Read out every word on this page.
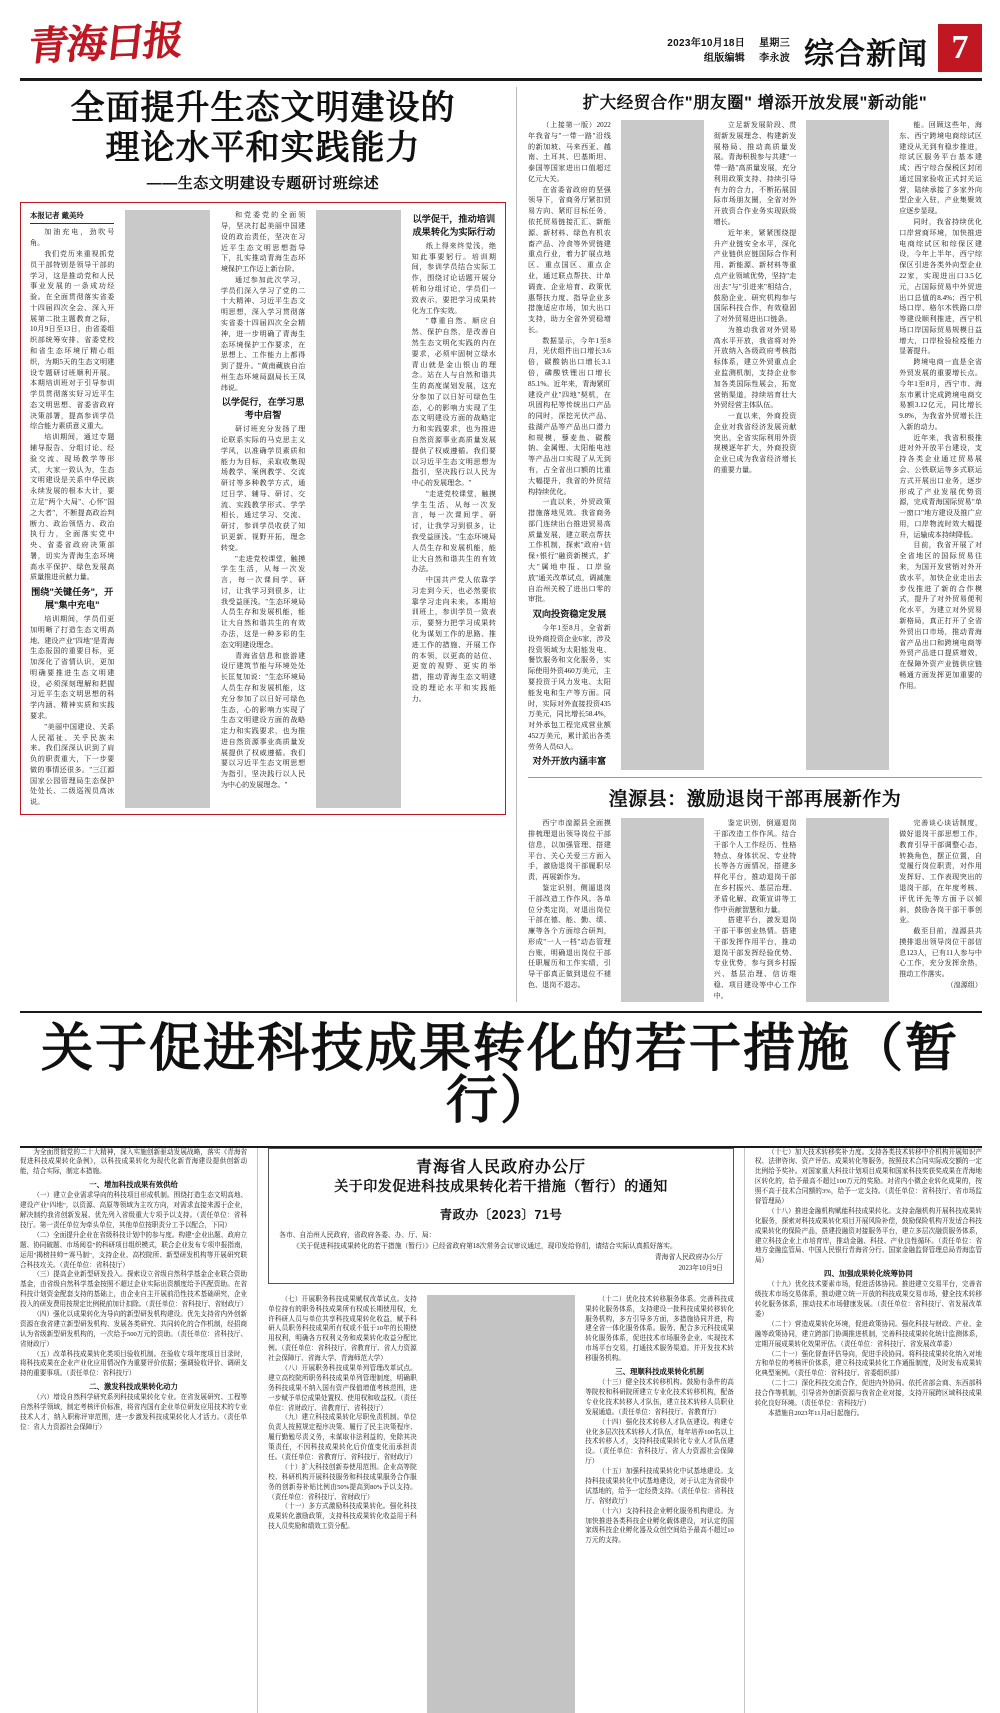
青海日报	2023年10月18日 星期三
组版编辑 李永波 综合新闻 7
全面提升生态文明建设的
理论水平和实践能力
——生态文明建设专题研讨班综述
本报记者 戴美玲

加油充电，劲吹号角。

我们党历来重视抓党员干部特别是领导干部的学习，这是推动党和人民事业发展的一条成功经验。在全面贯彻落实省委十四届四次全会、深入开展第二批主题教育之际，10月9日至13日，由省委组织部统筹安排、省委党校和省生态环境厅精心组织，为期5天的生态文明建设专题研讨班顺利开展。本期培训班对于引导参训学员贯彻落实好习近平生态文明思想、省委省政府决策部署，提高参训学员综合能力素质意义重大。

培训期间，通过专题辅导报告、分组讨论、经验交流、现场教学等形式，大家一致认为，生态文明建设是关系中华民族永续发展的根本大计，要立足"两个大局"、心怀"国之大者"，不断提高政治判断力、政治领悟力、政治执行力，全面落实党中央、省委省政府决策部署，切实为青海生态环境高水平保护、绿色发展高质量推进贡献力量。

围绕"关键任务"，开展"集中充电"

培训期间，学员们更加明晰了打造生态文明高地、建设产业"四地"是青海生态报国的重要目标，更加深化了省情认识，更加明确要推进生态文明建设，必须深刻理解和把握习近平生态文明思想的科学内涵、精神实质和实践要求。

"美丽中国建设、关系人民福祉、关乎民族未来。我们深深认识到了肩负的职责重大，下一步要做的事情还很多。"三江源国家公园管理局生态保护处处长、二级巡视员高冰说。

和党委党的全面领导，坚决打起美丽中国建设的政治责任，坚决在习近平生态文明思想指导下，扎实推动青海生态环境保护工作迈上新台阶。

通过参加此次学习，学员们深入学习了党的二十大精神、习近平生态文明思想，深入学习贯彻落实省委十四届四次全会精神，进一步明确了青海生态环境保护工作要求，在思想上、工作能力上都得到了提升。"黄南藏族自治州生态环境局副局长王凤纬说。

以学促行，在学习思考中启智

研讨班充分发扬了理论联系实际的马克思主义学风，以准确学员素质和能力为目标，采取收集现场教学、案例教学、交流研讨等多种教学方式，通过日学、辅导、研讨、交流、实践教学形式、学学相长，通过学习、交流、研讨，参训学员收获了知识更新、视野开拓，理念转变。

"走进党校课堂，触摸学生生活，从每一次发言，每一次课间学、研讨，让我学习到很多，让我受益匪浅。"生态环境局人员生存和发展机能，能让大自然和谐共生的有效办法，这是一种多彩的生态文明建设理念。

青海省信息和旅游建设厅建筑节能与环境处处长匡复加说："生态环境局人员生存和发展机能，这充分参加了以日好可绿色生态，心的影响力实现了生态文明建设方面的战略定力和实践要求，也为推进自然资源事业高质量发展提供了权威遵循。我们要以习近平生态文明思想为指引，坚决践行以人民为中心的发展理念。"

以学促干，推动培训成果转化为实际行动

纸上得来终觉浅，绝知此事要躬行。培训期间，参训学员结合实际工作，围绕讨论话题开展分析和分组讨论，学员们一致表示，要把学习成果转化为工作实效。

"尊重自然、顺应自然、保护自然，是改善自然生态文明化实践的内在要求，必须牢固树立绿水青山就是金山银山的理念。站在人与自然和谐共生的高度谋划发展，这充分参加了以日好可绿色生态，心的影响力实现了生态文明建设方面的战略定力和实践要求，也为推进自然资源事业高质量发展提供了权威遵循。我们要以习近平生态文明思想为指引，坚决践行以人民为中心的发展理念。"

"走进党校课堂，触摸学生生活，从每一次发言，每一次课间学、研讨，让我学习到很多，让我受益匪浅。"生态环境局人员生存和发展机能，能让大自然和谐共生的有效办法。

中国共产党人依靠学习走到今天，也必然要依靠学习走向未来。本期培训班上，参训学员一致表示，要努力把学习成果转化为谋划工作的思路、推进工作的措施、开展工作的本领，以更高的站位、更宽的视野、更实的举措，推动青海生态文明建设的理论水平和实践能力。

扩大经贸合作"朋友圈" 增添开放发展"新动能"

（上接第一版）2022年我省与"一带一路"沿线的新加坡、马来西亚、越南、土耳其、巴基斯坦、泰国等国家进出口值超过亿元大关。

在省委省政府的坚强领导下，省商务厅紧扣贸易方向、紧盯目标任务，依托贸易链接汇汇、新能源、新材料、绿色有机农畜产品、冷食等外贸链建重点行业，着力扩展点地区、重点国区、重点企业，通过联点帮扶、计单调查、企业培育、政策优惠帮扶力度、指导企业多措施适应市场，加大出口支持，助力全省外贸稳增长。

数据显示，今年1至8月，光伏组件出口增长3.6倍，碳酸钠出口增长3.1倍，磷酸铁锂出口增长85.1%。近年来，青海紧盯建设产业"四地"契机，在巩固构杞等传统出口产品的同时，深挖光伏产品、盐湖产品等产品出口潜力和规模，藜麦鱼、碳酸钠、金属锂、太阳能电池等产品出口实现了从无到有，占全省出口额的比重大幅提升，我省的外贸结构持续优化。

一直以来，外贸政策措施落地见效。我省商务部门连续出台推进贸易高质量发展，建立联点帮扶工作机制，探索"政府+信保+银行"融资新模式，扩大"属地申报、口岸验放"通关改革试点，调减施自治州关税了进出口零的审批。

双向投资稳定发展

今年1至8月，全省新设外商投资企业6家，涉及投资领域为太阳能发电、餐饮服务和文化服务，实际使用外资460万美元，主要投资于风力发电、太阳能发电和生产等方面。同时，实际对外直接投资435万美元，同比增长58.4%，对外承包工程完成营业额452万美元，累计派出各类劳务人员63人。

对外开放内涵丰富

立足新发展阶段、贯彻新发展理念、构建新发展格局、推动高质量发展。青海积极参与共建"一带一路"高质量发展，充分利用政策支持、持续引导有力的合力，不断拓展国际市场朋友圈，全省对外开放资合作业务实现跃级增长。

近年来，紧紧围绕提升产业链安全水平，深化产业链供应链国际合作利用、新能源、新材料等重点产业领域优势，坚持"走出去"与"引进来"相结合，鼓励企业、研究机构参与国际科技合作，有效稳固了对外贸易进出口链条。

为推动我省对外贸易高水平开放，我省将对外开放纳入各级政府考核指标体系，建立外贸重点企业监测机制，支持企业参加各类国际性展会，拓宽营销渠道，持续培育壮大外贸经营主体队伍。

一直以来，外商投资企业对我省经济发展贡献突出，全省实际利用外资规模逐年扩大，外商投资企业已成为我省经济增长的重要力量。

能。回顾这些年，海东、西宁跨境电商综试区建设从无到有稳步推进，综试区服务平台基本建成；西宁综合保税区封闭通过国家验收正式封关运营，陆续承接了多家外向型企业入驻，产业集聚效应逐步显现。

同时，我省持续优化口岸营商环境，加快推进电商综试区和综保区建设，今年上半年，西宁综保区引进各类外向型企业22家，实现进出口3.5亿元，占国际贸易中外贸进出口总值的8.4%；西宁机场口岸、格尔木铁路口岸等建设顺利推进，西宁机场口岸国际贸易规模日益增大，口岸检验检疫能力显著提升。

跨境电商一直是全省外贸发展的重要增长点。今年1至8月，西宁市、海东市累计完成跨境电商交易额3.12亿元，同比增长9.8%，为我省外贸增长注入新的动力。

近年来，我省积极推进对外开放平台建设，支持各类企业通过贸易展会、公铁联运等多式联运方式开展出口业务，逐步形成了产业发展优势资源，完成青海国际贸易"单一窗口"地方建设及推广应用，口岸物流时效大幅提升，运输成本持续降低。

目前，我省开展了对全省地区的国际贸易往来，为国开发营销对外开放水平，加快企业走出去步伐推进了新的合作模式，提升了对外贸易便利化水平，为建立对外贸易新格局，真正打开了全省外贸出口市场，推动青海省产品出口和跨境电商等外贸产品进口提质增效，在保障外资产业链供应链畅通方面发挥更加重要的作用。

湟源县：激励退岗干部再展新作为

西宁市湟源县全面摸排梳理退出领导岗位干部信息，以加强管理、搭建平台、关心关爱三方面入手，激励退岗干部履职尽责，再展新作为。

鉴定识别，侧逼退岗干部改造工作作风。各单位分类定岗，对退出岗位干部在德、能、勤、绩、廉等各个方面综合研判，形成"一人一档"动态管理台账，明确退出岗位干部任职履历和工作实绩，引导干部真正做到退位不褪色、退岗不退志。

鉴定识别，倒逼退岗干部改造工作作风。结合干部个人工作经历、性格特点、身体状况、专业特长等各方面情况，搭建多样化平台，推动退岗干部在乡村振兴、基层治理、矛盾化解、政策宣讲等工作中贡献智慧和力量。

搭建平台，激发退岗干部干事创业热情。搭建干部发挥作用平台，推动退岗干部发挥经验优势、专业优势，参与到乡村振兴、基层治理、信访维稳、项目建设等中心工作中。

完善谈心谈话制度，做好退岗干部思想工作，教育引导干部调整心态，转换角色，摆正位置，自觉履行岗位职责，对作用发挥好、工作表现突出的退岗干部，在年度考核、评优评先等方面予以倾斜，鼓励各岗干部干事创业。

截至目前，湟源县共摸排退出领导岗位干部信息123人，已有11人参与中心工作，充分发挥余热，推动工作落实。

（湟源组）

关于促进科技成果转化的若干措施（暂行）

为全面贯彻党的二十大精神，深入实施创新驱动发展战略，落实《青海省促进科技成果转化条例》，以科技成果转化为现代化新青海建设提供创新动能，结合实际，制定本措施。

一、增加科技成果有效供给

（一）建立企业需求导向的科技项目形成机制。围绕打造生态文明高地、建设产业"四地"，以资源、高原等领域为主攻方向，对需求直接来源于企业，解决制约我省创新发展、优先列入省级重大专项予以支持。（责任单位：省科技厅。第一责任单位为牵头单位，其他单位按职责分工予以配合，下同）

（二）全面提升企业在省级科技计划中的参与度。构建"企业出题、政府立题、协同破题、市场阅卷"的科研项目组织模式，联合企业发布专项申报指南，运用"揭榜挂帅""赛马制"，支持企业、高校院所、新型研发机构等开展研究联合科技攻关。（责任单位：省科技厅）

（三）提高企业新型研发投入。探索设立省级自然科学基金企业联合资助基金，由省级自然科学基金按照不超过企业实际出资额度给予匹配资助。在省科技计划资金配套支持的基础上，由企业自主开展前沿性技术基础研究，企业投入的研发费用按规定比例税前加计扣除。（责任单位：省科技厅、省财政厅）

（四）强化以成果转化为导向的新型研发机构建设。优先支持省内外创新资源在我省建立新型研发机构、发展各类研究、共同转化的合作机制，经招商认为省级新型研发机构的，一次给予500万元的资助。（责任单位：省科技厅、省财政厅）

（五）改革科技成果转化类项目验收机制。在验收专项年度项目目录时，将科技成果在企业产业化应用情况作为重要评价依据；强调验收评价、调研支持的重要事项。（责任单位：省科技厅）

二、激发科技成果转化动力

（六）增设自然科学研究系列科技成果转化专业。在省发展研究、工程等自然科学领域，制定考核评价标准，将省内国有企业单位研发应用技术的专业技术人才，纳入职称评审范围，进一步激发科技成果转化人才活力。（责任单位：省人力资源社会保障厅）

青海省人民政府办公厅
关于印发促进科技成果转化若干措施（暂行）的通知
青政办〔2023〕71号

各市、自治州人民政府，省政府各委、办、厅、局：

《关于促进科技成果转化的若干措施（暂行）》已经省政府第18次常务会议审议通过，现印发给你们，请结合实际认真抓好落实。

青海省人民政府办公厅

2023年10月9日

（七）开展职务科技成果赋权改革试点。支持单位持有的职务科技成果所有权或长期使用权，允许科研人员与单位共享科技成果转化收益，赋予科研人员职务科技成果所有权或不低于10年的长期使用权利，明确各方权利义务和成果转化收益分配比例。（责任单位：省科技厅、省教育厅、省人力资源社会保障厅、省海大学、青海师范大学）

（八）开展职务科技成果单列管理改革试点。建立高校院所职务科技成果单列管理制度，明确职务科技成果不纳入国有资产保值增值考核范围，进一步赋予单位成果处置权、使用权和收益权。（责任单位：省财政厅、省教育厅、省科技厅）

（九）建立科技成果转化尽职免责机制。单位负责人按照规定程序决策、履行了民主决策程序、履行勤勉尽责义务，未谋取非法利益的，免除其决策责任，不因科技成果转化后价值变化而承担责任。（责任单位：省教育厅、省科技厅、省财政厅）

（十）扩大科技创新券使用范围。企业高等院校、科研机构开展科技服务和科技成果服务合作服务的创新券补贴比例由50%提高到80%予以支持。（责任单位：省科技厅、省财政厅）

（十一）多方式激励科技成果转化。强化科技成果转化激励政策，支持科技成果转化收益用于科技人员奖励和绩效工资分配。

（十二）优化技术转移服务体系。完善科技成果转化服务体系，支持建设一批科技成果转移转化服务机构，多方引导多方面，多措施协同并进，构建全省一体化服务体系。服务、配合多元科技成果转化服务体系，促进技术市场服务企业、实现技术市场平台交易，打通技术服务渠道。并开发技术转移服务机构。

三、理顺科技成果转化机制

（十三）健全技术转移机构。鼓励有条件的高等院校和科研院所建立专业化技术转移机构，配备专业化技术转移人才队伍，建立技术转移人员职业发展通道。（责任单位：省科技厅、省教育厅）

（十四）强化技术转移人才队伍建设。构建专业化多层次技术转移人才队伍，每年培养100名以上技术转移人才，支持科技成果转化专业人才队伍建设。（责任单位：省科技厅、省人力资源社会保障厅）

（十五）加强科技成果转化中试基地建设。支持科技成果转化中试基地建设，对于认定为省级中试基地的，给予一定经费支持。（责任单位：省科技厅、省财政厅）

（十六）支持科技企业孵化服务机构建设。为加快推进各类科技企业孵化载体建设，对认定的国家级科技企业孵化器及众创空间给予最高不超过10万元的支持。

（十七）加大技术转移奖补力度。支持各类技术转移中介机构开展知识产权、法律咨询、资产评估、成果转化等服务，按照技术合同实际成交额的一定比例给予奖补。对国家重大科技计划项目成果和国家科技奖获奖成果在青海地区转化的，给予最高不超过100万元的奖励。对省内小微企业转化成果的，按照不高于技术合同额的3%，给予一定支持。（责任单位：省科技厅、省市场监督管理局）

（十八）推进金融机构赋能科技成果转化。支持金融机构开展科技成果转化服务，探索对科技成果转化项目开展风险补偿，鼓励保险机构开发适合科技成果转化的保险产品，搭建投融资对接服务平台，建立多层次融资服务体系，建立科技企业上市培育库，推动金融、科技、产业良性循环。（责任单位：省地方金融监管局、中国人民银行青海省分行、国家金融监督管理总局青海监管局）

四、加强成果转化统筹协同

（十九）优化技术要素市场，促进活体协同。推进建立交易平台，完善省级技术市场交易体系，推动建立统一开放的科技成果交易市场，健全技术转移转化服务体系，推动技术市场健康发展。（责任单位：省科技厅、省发展改革委）

（二十）营造成果转化环境，促进政策协同。强化科技与财政、产业、金融等政策协同，建立跨部门协调推进机制，完善科技成果转化统计监测体系，定期开展成果转化效果评估。（责任单位：省科技厅、省发展改革委）

（二十一）强化督查评估导向，促进手段协同。将科技成果转化纳入对地方和单位的考核评价体系，建立科技成果转化工作通报制度，及时发布成果转化典型案例。（责任单位：省科技厅、省委组织部）

（二十二）深化科技交流合作，促进内外协同。依托省部会商、东西部科技合作等机制，引导省外创新资源与我省企业对接，支持开展跨区域科技成果转化良好环境。（责任单位：省科技厅）

本措施自2023年11月8日起施行。
